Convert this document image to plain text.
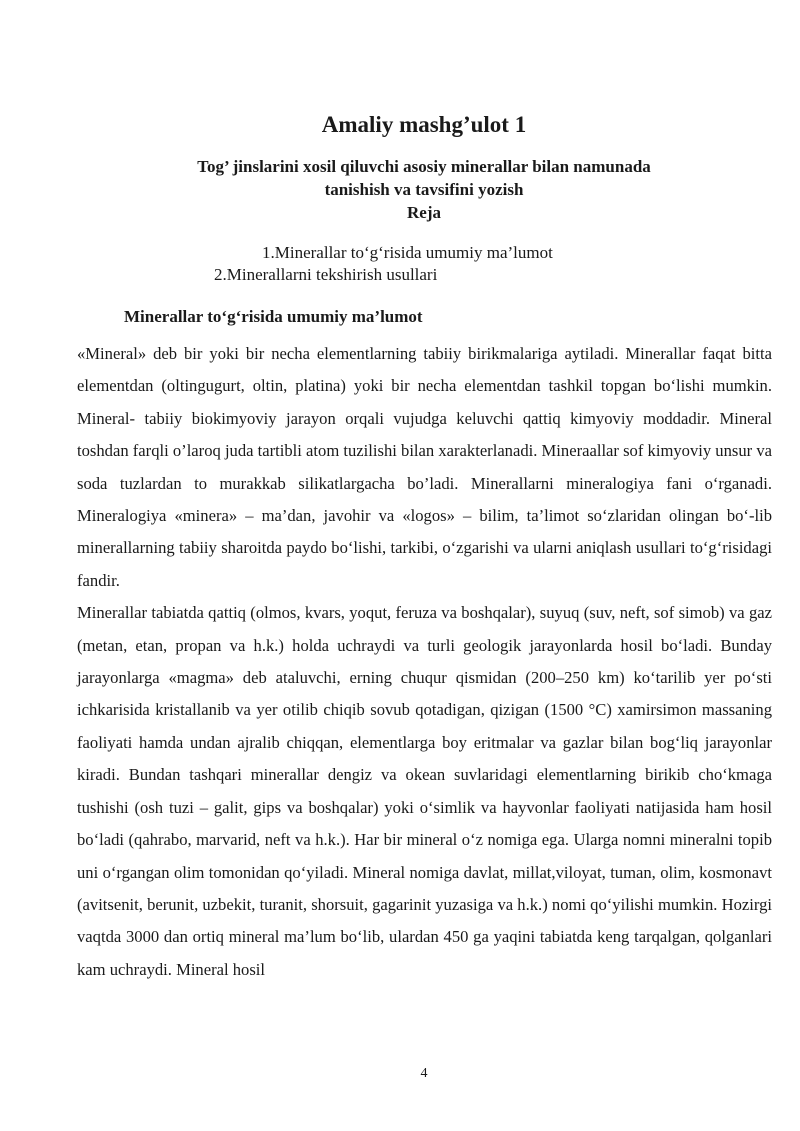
Amaliy mashg’ulot 1
Tog’ jinslarini xosil qiluvchi asosiy minerallar bilan namunada
tanishish va tavsifini yozish
Reja
1.Minerallar to‘g‘risida umumiy ma’lumot
2.Minerallarni tekshirish usullari
Minerallar to‘g‘risida umumiy ma’lumot

«Mineral» deb bir yoki bir necha elementlarning tabiiy birikmalariga aytiladi. Minerallar faqat bitta elementdan (oltingugurt, oltin, platina) yoki bir necha elementdan tashkil topgan bo‘lishi mumkin. Mineral- tabiiy biokimyoviy jarayon orqali vujudga keluvchi qattiq kimyoviy moddadir. Mineral toshdan farqli o’laroq juda tartibli atom tuzilishi bilan xarakterlanadi. Mineraallar sof kimyoviy unsur va soda tuzlardan to murakkab silikatlargacha bo’ladi. Minerallarni mineralogiya fani o‘rganadi. Mineralogiya «minera» – ma’dan, javohir va «logos» – bilim, ta’limot so‘zlaridan olingan bo‘-lib minerallarning tabiiy sharoitda paydo bo‘lishi, tarkibi, o‘zgarishi va ularni aniqlash usullari to‘g‘risidagi fandir.

Minerallar tabiatda qattiq (olmos, kvars, yoqut, feruza va boshqalar), suyuq (suv, neft, sof simob) va gaz (metan, etan, propan va h.k.) holda uchraydi va turli geologik jarayonlarda hosil bo‘ladi. Bunday jarayonlarga «magma» deb ataluvchi, erning chuqur qismidan (200–250 km) ko‘tarilib yer po‘sti ichkarisida kristallanib va yer otilib chiqib sovub qotadigan, qizigan (1500 °C) xamirsimon massaning faoliyati hamda undan ajralib chiqqan, elementlarga boy eritmalar va gazlar bilan bog‘liq jarayonlar kiradi. Bundan tashqari minerallar dengiz va okean suvlaridagi elementlarning birikib cho‘kmaga tushishi (osh tuzi – galit, gips va boshqalar) yoki o‘simlik va hayvonlar faoliyati natijasida ham hosil bo‘ladi (qahrabo, marvarid, neft va h.k.). Har bir mineral o‘z nomiga ega. Ularga nomni mineralni topib uni o‘rgangan olim tomonidan qo‘yiladi. Mineral nomiga davlat, millat,viloyat, tuman, olim, kosmonavt (avitsenit, berunit, uzbekit, turanit, shorsuit, gagarinit yuzasiga va h.k.) nomi qo‘yilishi mumkin. Hozirgi vaqtda 3000 dan ortiq mineral ma’lum bo‘lib, ulardan 450 ga yaqini tabiatda keng tarqalgan, qolganlari kam uchraydi. Mineral hosil

4
